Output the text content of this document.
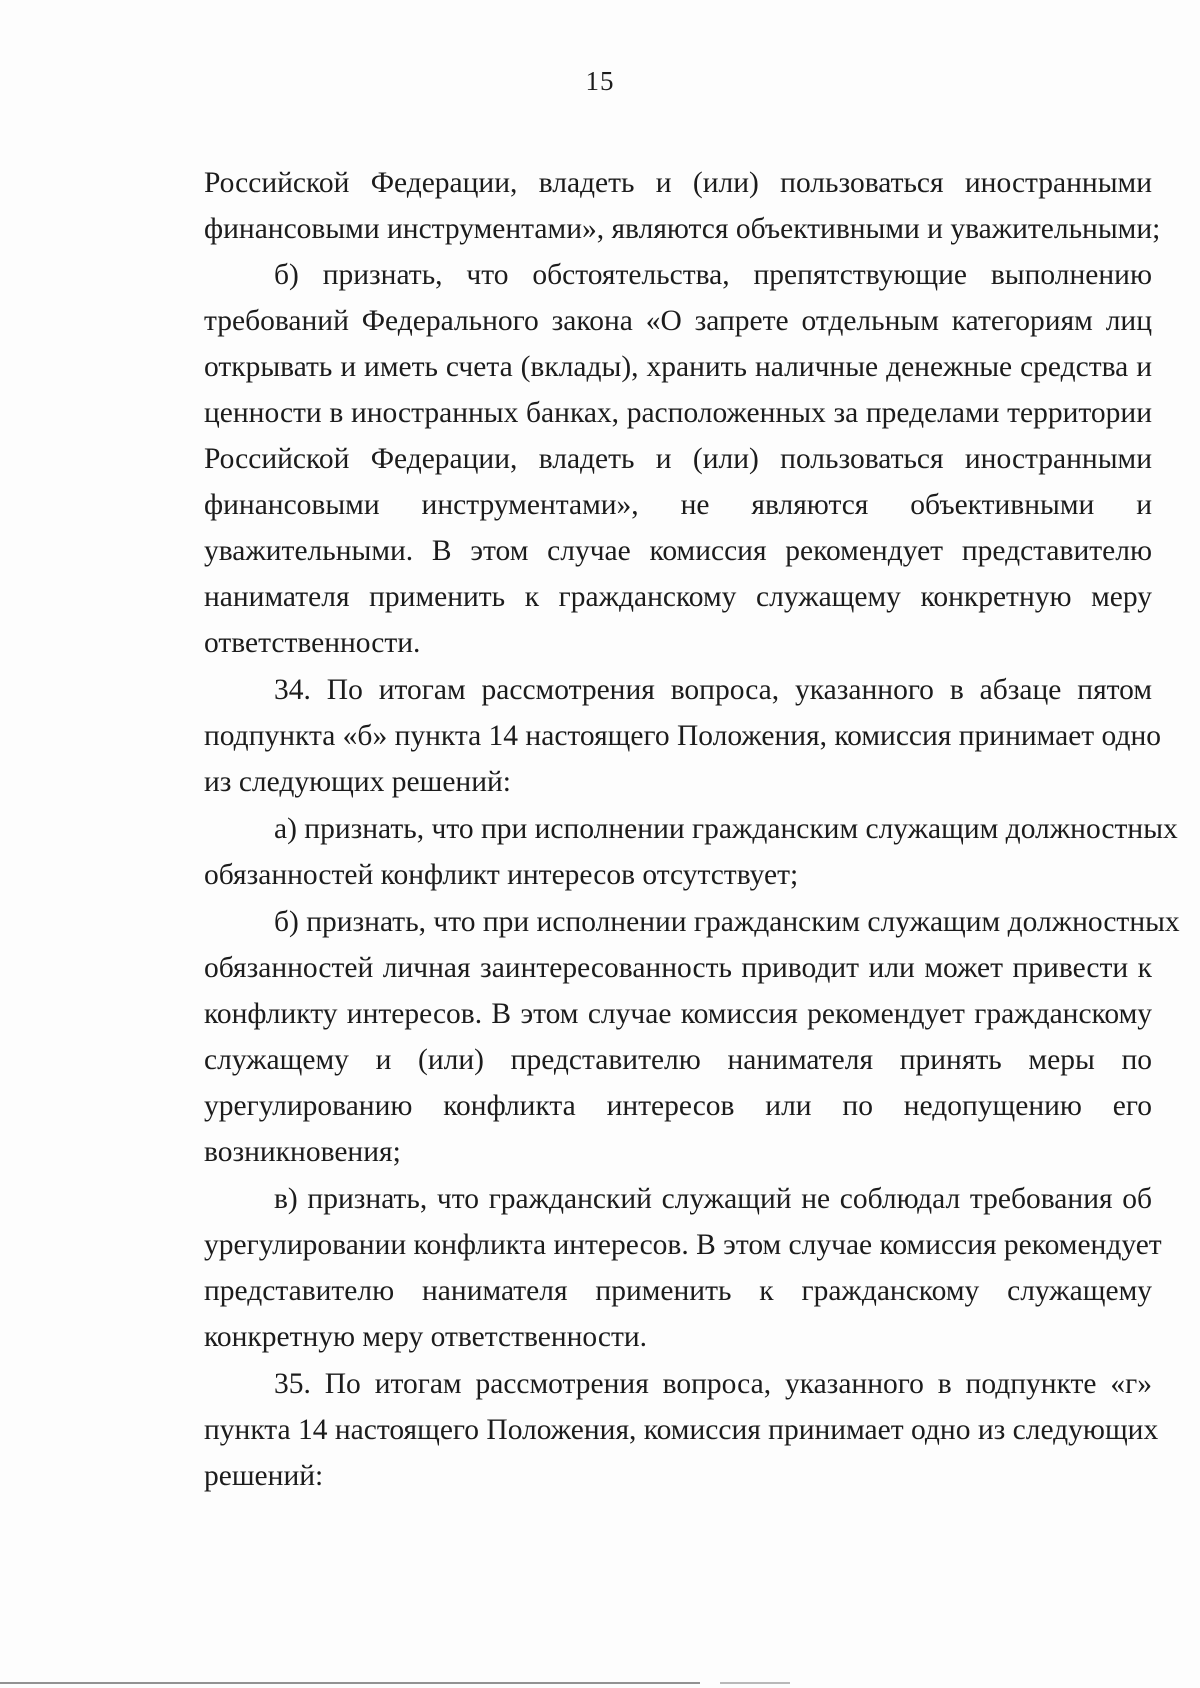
15

Российской Федерации, владеть и (или) пользоваться иностранными
финансовыми инструментами», являются объективными и уважительными;

б) признать, что обстоятельства, препятствующие выполнению
требований Федерального закона «О запрете отдельным категориям лиц
открывать и иметь счета (вклады), хранить наличные денежные средства и
ценности в иностранных банках, расположенных за пределами территории
Российской Федерации, владеть и (или) пользоваться иностранными
финансовыми инструментами», не являются объективными и
уважительными. В этом случае комиссия рекомендует представителю
нанимателя применить к гражданскому служащему конкретную меру
ответственности.

34. По итогам рассмотрения вопроса, указанного в абзаце пятом
подпункта «б» пункта 14 настоящего Положения, комиссия принимает одно
из следующих решений:

а) признать, что при исполнении гражданским служащим должностных
обязанностей конфликт интересов отсутствует;

б) признать, что при исполнении гражданским служащим должностных
обязанностей личная заинтересованность приводит или может привести к
конфликту интересов. В этом случае комиссия рекомендует гражданскому
служащему и (или) представителю нанимателя принять меры по
урегулированию конфликта интересов или по недопущению его
возникновения;

в) признать, что гражданский служащий не соблюдал требования об
урегулировании конфликта интересов. В этом случае комиссия рекомендует
представителю нанимателя применить к гражданскому служащему
конкретную меру ответственности.

35. По итогам рассмотрения вопроса, указанного в подпункте «г»
пункта 14 настоящего Положения, комиссия принимает одно из следующих
решений:
